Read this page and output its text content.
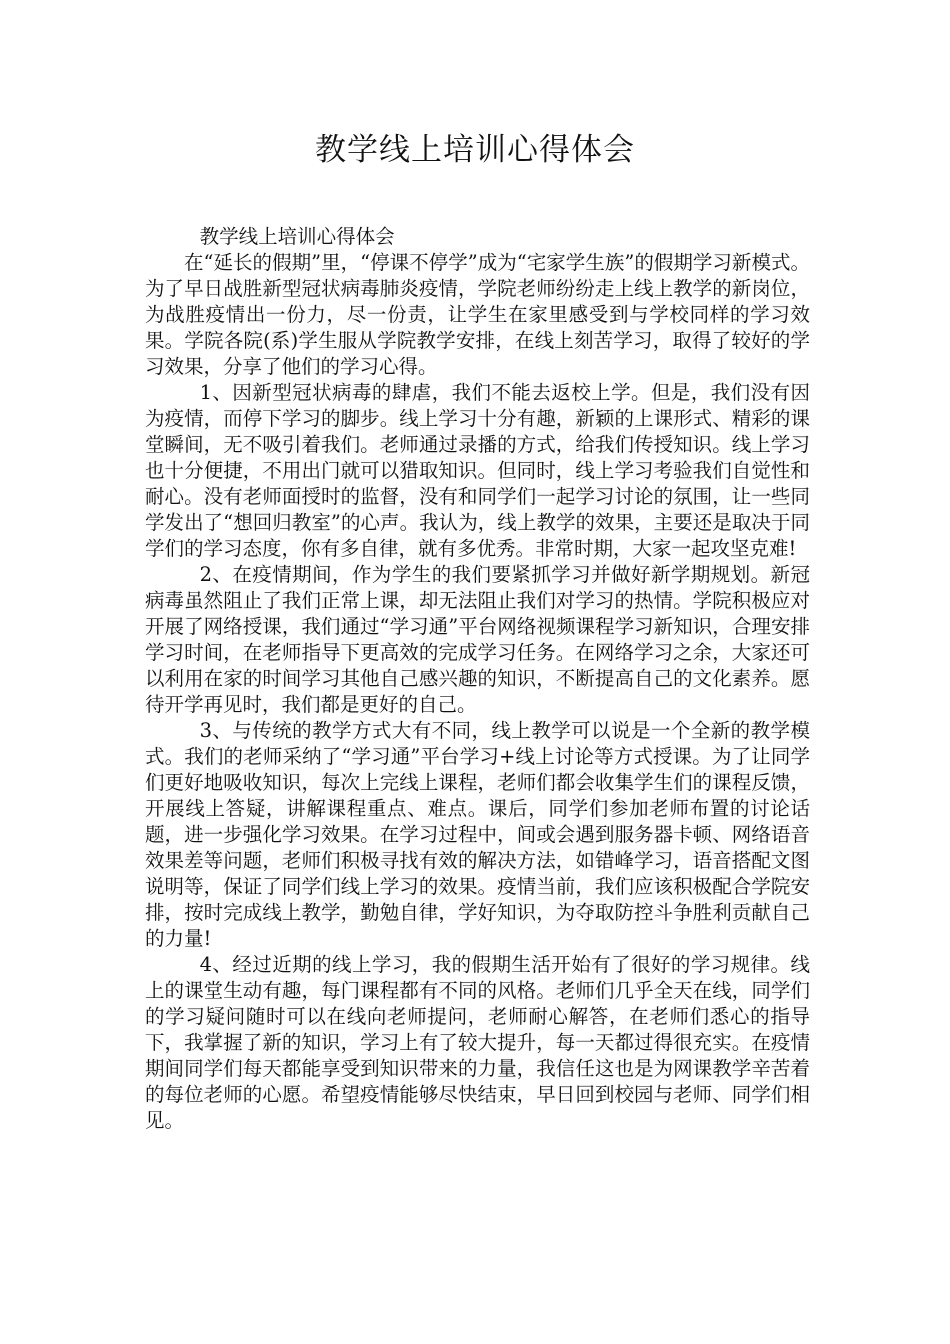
教学线上培训心得体会

教学线上培训心得体会

在“延长的假期”里，“停课不停学”成为“宅家学生族”的假期学习新模式。为了早日战胜新型冠状病毒肺炎疫情，学院老师纷纷走上线上教学的新岗位，为战胜疫情出一份力，尽一份责，让学生在家里感受到与学校同样的学习效果。学院各院(系)学生服从学院教学安排，在线上刻苦学习，取得了较好的学习效果，分享了他们的学习心得。

1、因新型冠状病毒的肆虐，我们不能去返校上学。但是，我们没有因为疫情，而停下学习的脚步。线上学习十分有趣，新颖的上课形式、精彩的课堂瞬间，无不吸引着我们。老师通过录播的方式，给我们传授知识。线上学习也十分便捷，不用出门就可以猎取知识。但同时，线上学习考验我们自觉性和耐心。没有老师面授时的监督，没有和同学们一起学习讨论的氛围，让一些同学发出了“想回归教室”的心声。我认为，线上教学的效果，主要还是取决于同学们的学习态度，你有多自律，就有多优秀。非常时期，大家一起攻坚克难!

2、在疫情期间，作为学生的我们要紧抓学习并做好新学期规划。新冠病毒虽然阻止了我们正常上课，却无法阻止我们对学习的热情。学院积极应对开展了网络授课，我们通过“学习通”平台网络视频课程学习新知识，合理安排学习时间，在老师指导下更高效的完成学习任务。在网络学习之余，大家还可以利用在家的时间学习其他自己感兴趣的知识，不断提高自己的文化素养。愿待开学再见时，我们都是更好的自己。

3、与传统的教学方式大有不同，线上教学可以说是一个全新的教学模式。我们的老师采纳了“学习通”平台学习+线上讨论等方式授课。为了让同学们更好地吸收知识，每次上完线上课程，老师们都会收集学生们的课程反馈，开展线上答疑，讲解课程重点、难点。课后，同学们参加老师布置的讨论话题，进一步强化学习效果。在学习过程中，间或会遇到服务器卡顿、网络语音效果差等问题，老师们积极寻找有效的解决方法，如错峰学习，语音搭配文图说明等，保证了同学们线上学习的效果。疫情当前，我们应该积极配合学院安排，按时完成线上教学，勤勉自律，学好知识，为夺取防控斗争胜利贡献自己的力量!

4、经过近期的线上学习，我的假期生活开始有了很好的学习规律。线上的课堂生动有趣，每门课程都有不同的风格。老师们几乎全天在线，同学们的学习疑问随时可以在线向老师提问，老师耐心解答，在老师们悉心的指导下，我掌握了新的知识，学习上有了较大提升，每一天都过得很充实。在疫情期间同学们每天都能享受到知识带来的力量，我信任这也是为网课教学辛苦着的每位老师的心愿。希望疫情能够尽快结束，早日回到校园与老师、同学们相见。
